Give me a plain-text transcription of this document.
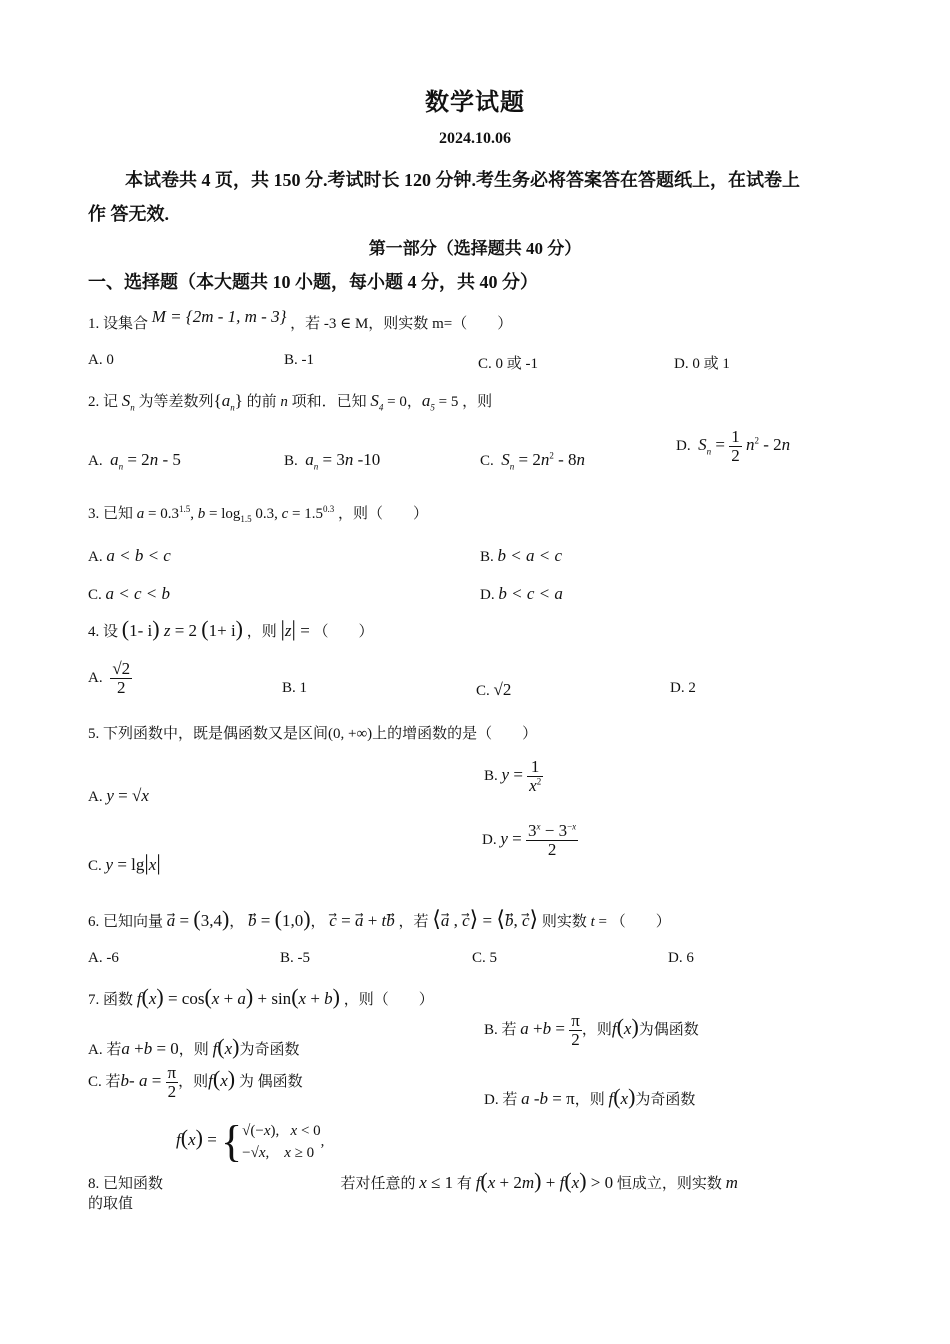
数学试题
2024.10.06
本试卷共 4 页，共 150 分.考试时长 120 分钟.考生务必将答案答在答题纸上，在试卷上
作 答无效.
第一部分（选择题共 40 分）
一、选择题（本大题共 10 小题，每小题 4 分，共 40 分）
1. 设集合 M = {2m - 1, m - 3} ，若 -3 ∈ M，则实数 m=（　　）
A. 0	B. -1	C. 0 或 -1	D. 0 或 1
2. 记 $S_n$ 为等差数列$\{a_n\}$ 的前 n 项和．已知 $S_4 = 0$，$a_5 = 5$ ，则
A. $a_n = 2n - 5$	B. $a_n = 3n$ -10	C. $S_n = 2n^2 - 8n$
D. $S_n = \frac{1}{2} n^2 - 2n$
3. 已知 $a = 0.3^{1.5}$, $b = \log_{1.5} 0.3$, $c = 1.5^{0.3}$ ，则（　　）
A. a < b < c	B. b < a < c
C. a < c < b	D. b < c < a
4. 设 (1- i) z = 2 (1+ i) ，则 |z| = （　　）
A. $\frac{√2}{2}$	B. 1	C. √2	D. 2
5. 下列函数中，既是偶函数又是区间(0, +∞)上的增函数的是（　　）
A. y = √x
B. $y = \frac{1}{x^2}$
C. y = lg|x|
D. $y = \frac{3^x - 3^{-x}}{2}$
6. 已知向量 a⃗ = (3,4)， b⃗ = (1,0)， c⃗ = a⃗ + tb ，若 ⟨a⃗ , c⟩ = ⟨b⃗, c⟩ 则实数 t = （　　）
A. -6	B. -5	C. 5	D. 6
7. 函数 f(x) = cos(x + a) + sin(x + b) ，则（　　）
A. 若a +b = 0，则 f(x)为奇函数
B. 若 $a +b = \frac{\pi}{2}$ ，则f(x)为偶函数
C. 若b- $a = \frac{\pi}{2}$ ，则f(x) 为 偶函数
D. 若 a -b = π，则 f(x)为奇函数
f(x) = {√(−x),   x < 0
−√x,    x ≥ 0,
8. 已知函数	若对任意的 x ≤ 1 有 f(x + 2m) + f(x) > 0 恒成立，则实数 m
的取值
